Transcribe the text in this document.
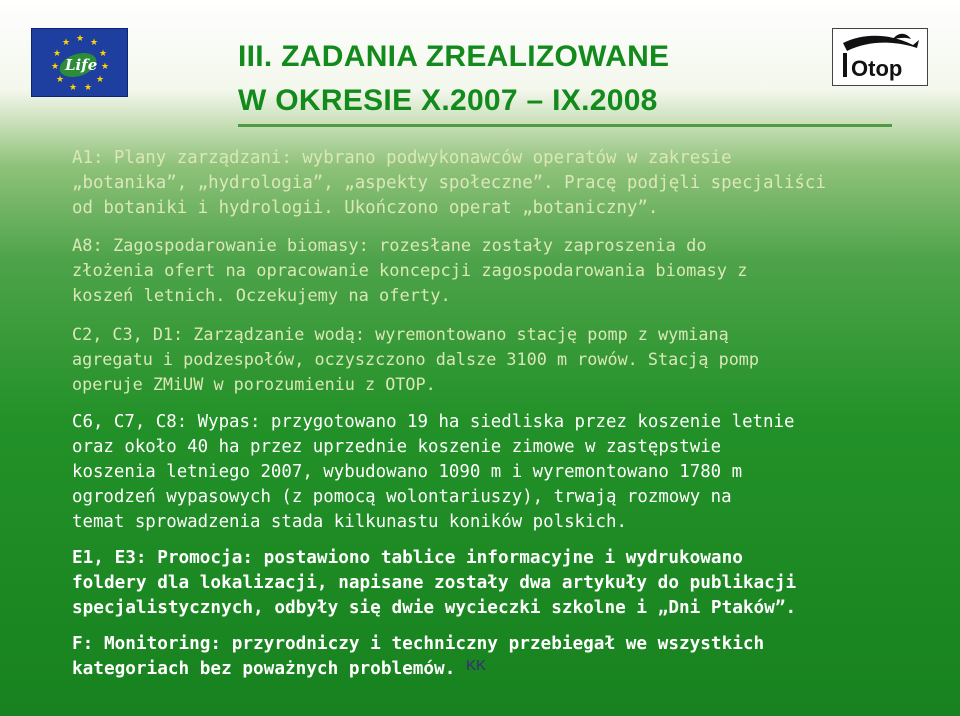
★ ★
★
★
★
★
★
★
★
★
★
Life	Otop
III. ZADANIA ZREALIZOWANE
W OKRESIE X.2007 – IX.2008
A1: Plany zarządzani: wybrano podwykonawców operatów w zakresie
„botanika”, „hydrologia”, „aspekty społeczne”. Pracę podjęli specjaliści
od botaniki i hydrologii. Ukończono operat „botaniczny”.
A8: Zagospodarowanie biomasy: rozesłane zostały zaproszenia do
złożenia ofert na opracowanie koncepcji zagospodarowania biomasy z
koszeń letnich. Oczekujemy na oferty.
C2, C3, D1: Zarządzanie wodą: wyremontowano stację pomp z wymianą
agregatu i podzespołów, oczyszczono dalsze 3100 m rowów. Stacją pomp
operuje ZMiUW w porozumieniu z OTOP.
C6, C7, C8: Wypas: przygotowano 19 ha siedliska przez koszenie letnie
oraz około 40 ha przez uprzednie koszenie zimowe w zastępstwie
koszenia letniego 2007, wybudowano 1090 m i wyremontowano 1780 m
ogrodzeń wypasowych (z pomocą wolontariuszy), trwają rozmowy na
temat sprowadzenia stada kilkunastu koników polskich.
E1, E3: Promocja: postawiono tablice informacyjne i wydrukowano
foldery dla lokalizacji, napisane zostały dwa artykuły do publikacji
specjalistycznych, odbyły się dwie wycieczki szkolne i „Dni Ptaków”.
F: Monitoring: przyrodniczy i techniczny przebiegał we wszystkich
kategoriach bez poważnych problemów. KK
